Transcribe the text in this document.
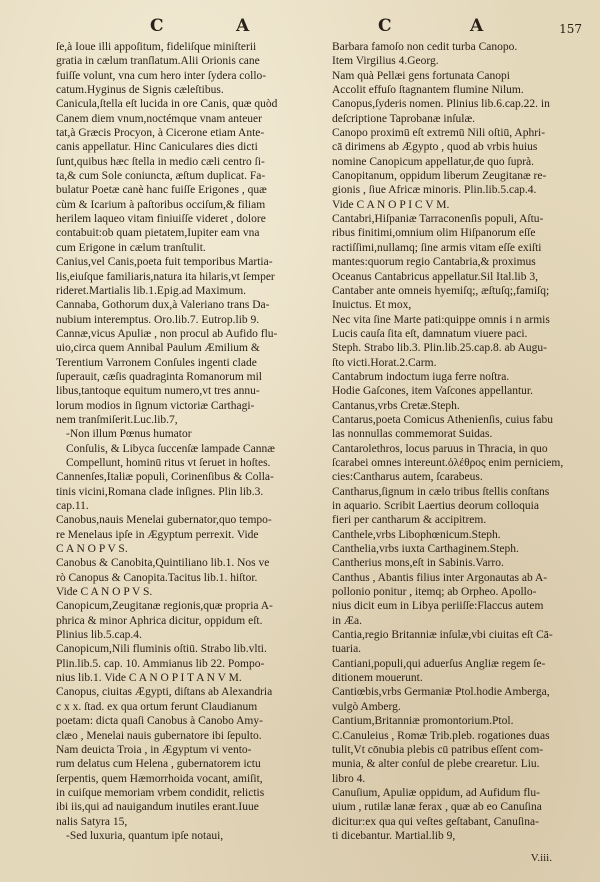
C	A	C	A	157
ſe,à Ioue illi appoſitum, fideliſque miniſterii
gratia in cælum tranſlatum.Alii Orionis cane
fuiſſe volunt, vna cum hero inter ſydera collo-
catum.Hyginus de Signis cæleſtibus.
Canicula,ſtella eſt lucida in ore Canis, quæ quòd
Canem diem vnum,noctémque vnam anteuer
tat,à Græcis Procyon, à Cicerone etiam Ante-
canis appellatur. Hinc Caniculares dies dicti
ſunt,quibus hæc ſtella in medio cæli centro ſi-
ta,& cum Sole coniuncta, æſtum duplicat. Fa-
bulatur Poetæ canè hanc fuiſſe Erigones , quæ
cùm & Icarium à paſtoribus occiſum,& filiam
herilem laqueo vitam finiuiſſe videret , dolore
contabuit:ob quam pietatem,Iupiter eam vna
cum Erigone in cælum tranſtulit.
Canius,vel Canis,poeta fuit temporibus Martia-
lis,eiuſque familiaris,natura ita hilaris,vt ſemper
rideret.Martialis lib.1.Epig.ad Maximum.
Cannaba, Gothorum dux,à Valeriano trans Da-
nubium interemptus. Oro.lib.7. Eutrop.lib 9.
Cannæ,vicus Apuliæ , non procul ab Aufido flu-
uio,circa quem Annibal Paulum Æmilium &
Terentium Varronem Conſules ingenti clade
ſuperauit, cæſis quadraginta Romanorum mil
libus,tantoque equitum numero,vt tres annu-
lorum modios in ſignum victoriæ Carthagi-
nem tranſmiſerit.Luc.lib.7,
-Non illum Pœnus humator
Conſulis, & Libyca ſuccenſæ lampade Cannæ
Compellunt, hominū ritus vt ſeruet in hoſtes.
Cannenſes,Italiæ populi, Corinenſibus & Colla-
tinis vicini,Romana clade inſignes. Plin lib.3.
cap.11.
Canobus,nauis Menelai gubernator,quo tempo-
re Menelaus ipſe in Ægyptum perrexit. Vide
C A N O P V S.
Canobus & Canobita,Quintiliano lib.1. Nos ve
rò Canopus & Canopita.Tacitus lib.1. hiſtor.
Vide C A N O P V S.
Canopicum,Zeugitanæ regionis,quæ propria A-
phrica & minor Aphrica dicitur, oppidum eſt.
Plinius lib.5.cap.4.
Canopicum,Nili fluminis oſtiū. Strabo lib.vlti.
Plin.lib.5. cap. 10. Ammianus lib 22. Pompo-
nius lib.1. Vide C A N O P I T A N V M.
Canopus, ciuitas Ægypti, diſtans ab Alexandria
c x x. ſtad. ex qua ortum ferunt Claudianum
poetam: dicta quaſi Canobus à Canobo Amy-
clæo , Menelai nauis gubernatore ibi ſepulto.
Nam deuicta Troia , in Ægyptum vi vento-
rum delatus cum Helena , gubernatorem ictu
ſerpentis, quem Hæmorrhoida vocant, amiſit,
in cuiſque memoriam vrbem condidit, relictis
ibi iis,qui ad nauigandum inutiles erant.Iuue
nalis Satyra 15,
-Sed luxuria, quantum ipſe notaui,
Barbara famoſo non cedit turba Canopo.
Item Virgilius 4.Georg.
Nam quà Pellæi gens fortunata Canopi
Accolit effuſo ſtagnantem flumine Nilum.
Canopus,ſyderis nomen. Plinius lib.6.cap.22. in
deſcriptione Taprobanæ inſulæ.
Canopo proximū eſt extremū Nili oſtiū, Aphri-
cā dirimens ab Ægypto , quod ab vrbis huius
nomine Canopicum appellatur,de quo ſuprà.
Canopitanum, oppidum liberum Zeugitanæ re-
gionis , ſiue Africæ minoris. Plin.lib.5.cap.4.
Vide C A N O P I C V M.
Cantabri,Hiſpaniæ Tarraconenſis populi, Aſtu-
ribus finitimi,omnium olim Hiſpanorum eſſe
ractiſſimi,nullamq; ſine armis vitam eſſe exiſti
mantes:quorum regio Cantabria,& proximus
Oceanus Cantabricus appellatur.Sil Ital.lib 3,
Cantaber ante omneis hyemiſq;, æſtuſq;,famiſq;
Inuictus. Et mox,
Nec vita ſine Marte pati:quippe omnis i n armis
Lucis cauſa ſita eſt, damnatum viuere paci.
Steph. Strabo lib.3. Plin.lib.25.cap.8. ab Augu-
ſto victi.Horat.2.Carm.
Cantabrum indoctum iuga ferre noſtra.
Hodie Gaſcones, item Vaſcones appellantur.
Cantanus,vrbs Cretæ.Steph.
Cantarus,poeta Comicus Athenienſis, cuius fabu
las nonnullas commemorat Suidas.
Cantarolethros, locus paruus in Thracia, in quo
ſcarabei omnes intereunt.ὀλέθρος enim perniciem,
cies:Cantharus autem, ſcarabeus.
Cantharus,ſignum in cælo tribus ſtellis conſtans
in aquario. Scribit Laertius deorum colloquia
fieri per cantharum & accipitrem.
Canthele,vrbs Libophœnicum.Steph.
Canthelia,vrbs iuxta Carthaginem.Steph.
Cantherius mons,eſt in Sabinis.Varro.
Canthus , Abantis filius inter Argonautas ab A-
pollonio ponitur , itemq; ab Orpheo. Apollo-
nius dicit eum in Libya periiſſe:Flaccus autem
in Æa.
Cantia,regio Britanniæ inſulæ,vbi ciuitas eſt Cā-
tuaria.
Cantiani,populi,qui aduerſus Angliæ regem ſe-
ditionem mouerunt.
Cantiœbis,vrbs Germaniæ Ptol.hodie Amberga,
vulgò Amberg.
Cantium,Britanniæ promontorium.Ptol.
C.Canuleius , Romæ Trib.pleb. rogationes duas
tulit,Vt cōnubia plebis cū patribus eſſent com-
munia, & alter conſul de plebe crearetur. Liu.
libro 4.
Canuſium, Apuliæ oppidum, ad Aufidum flu-
uium , rutilæ lanæ ferax , quæ ab eo Canuſina
dicitur:ex qua qui veſtes geſtabant, Canuſina-
ti dicebantur. Martial.lib 9,
V.iii.
